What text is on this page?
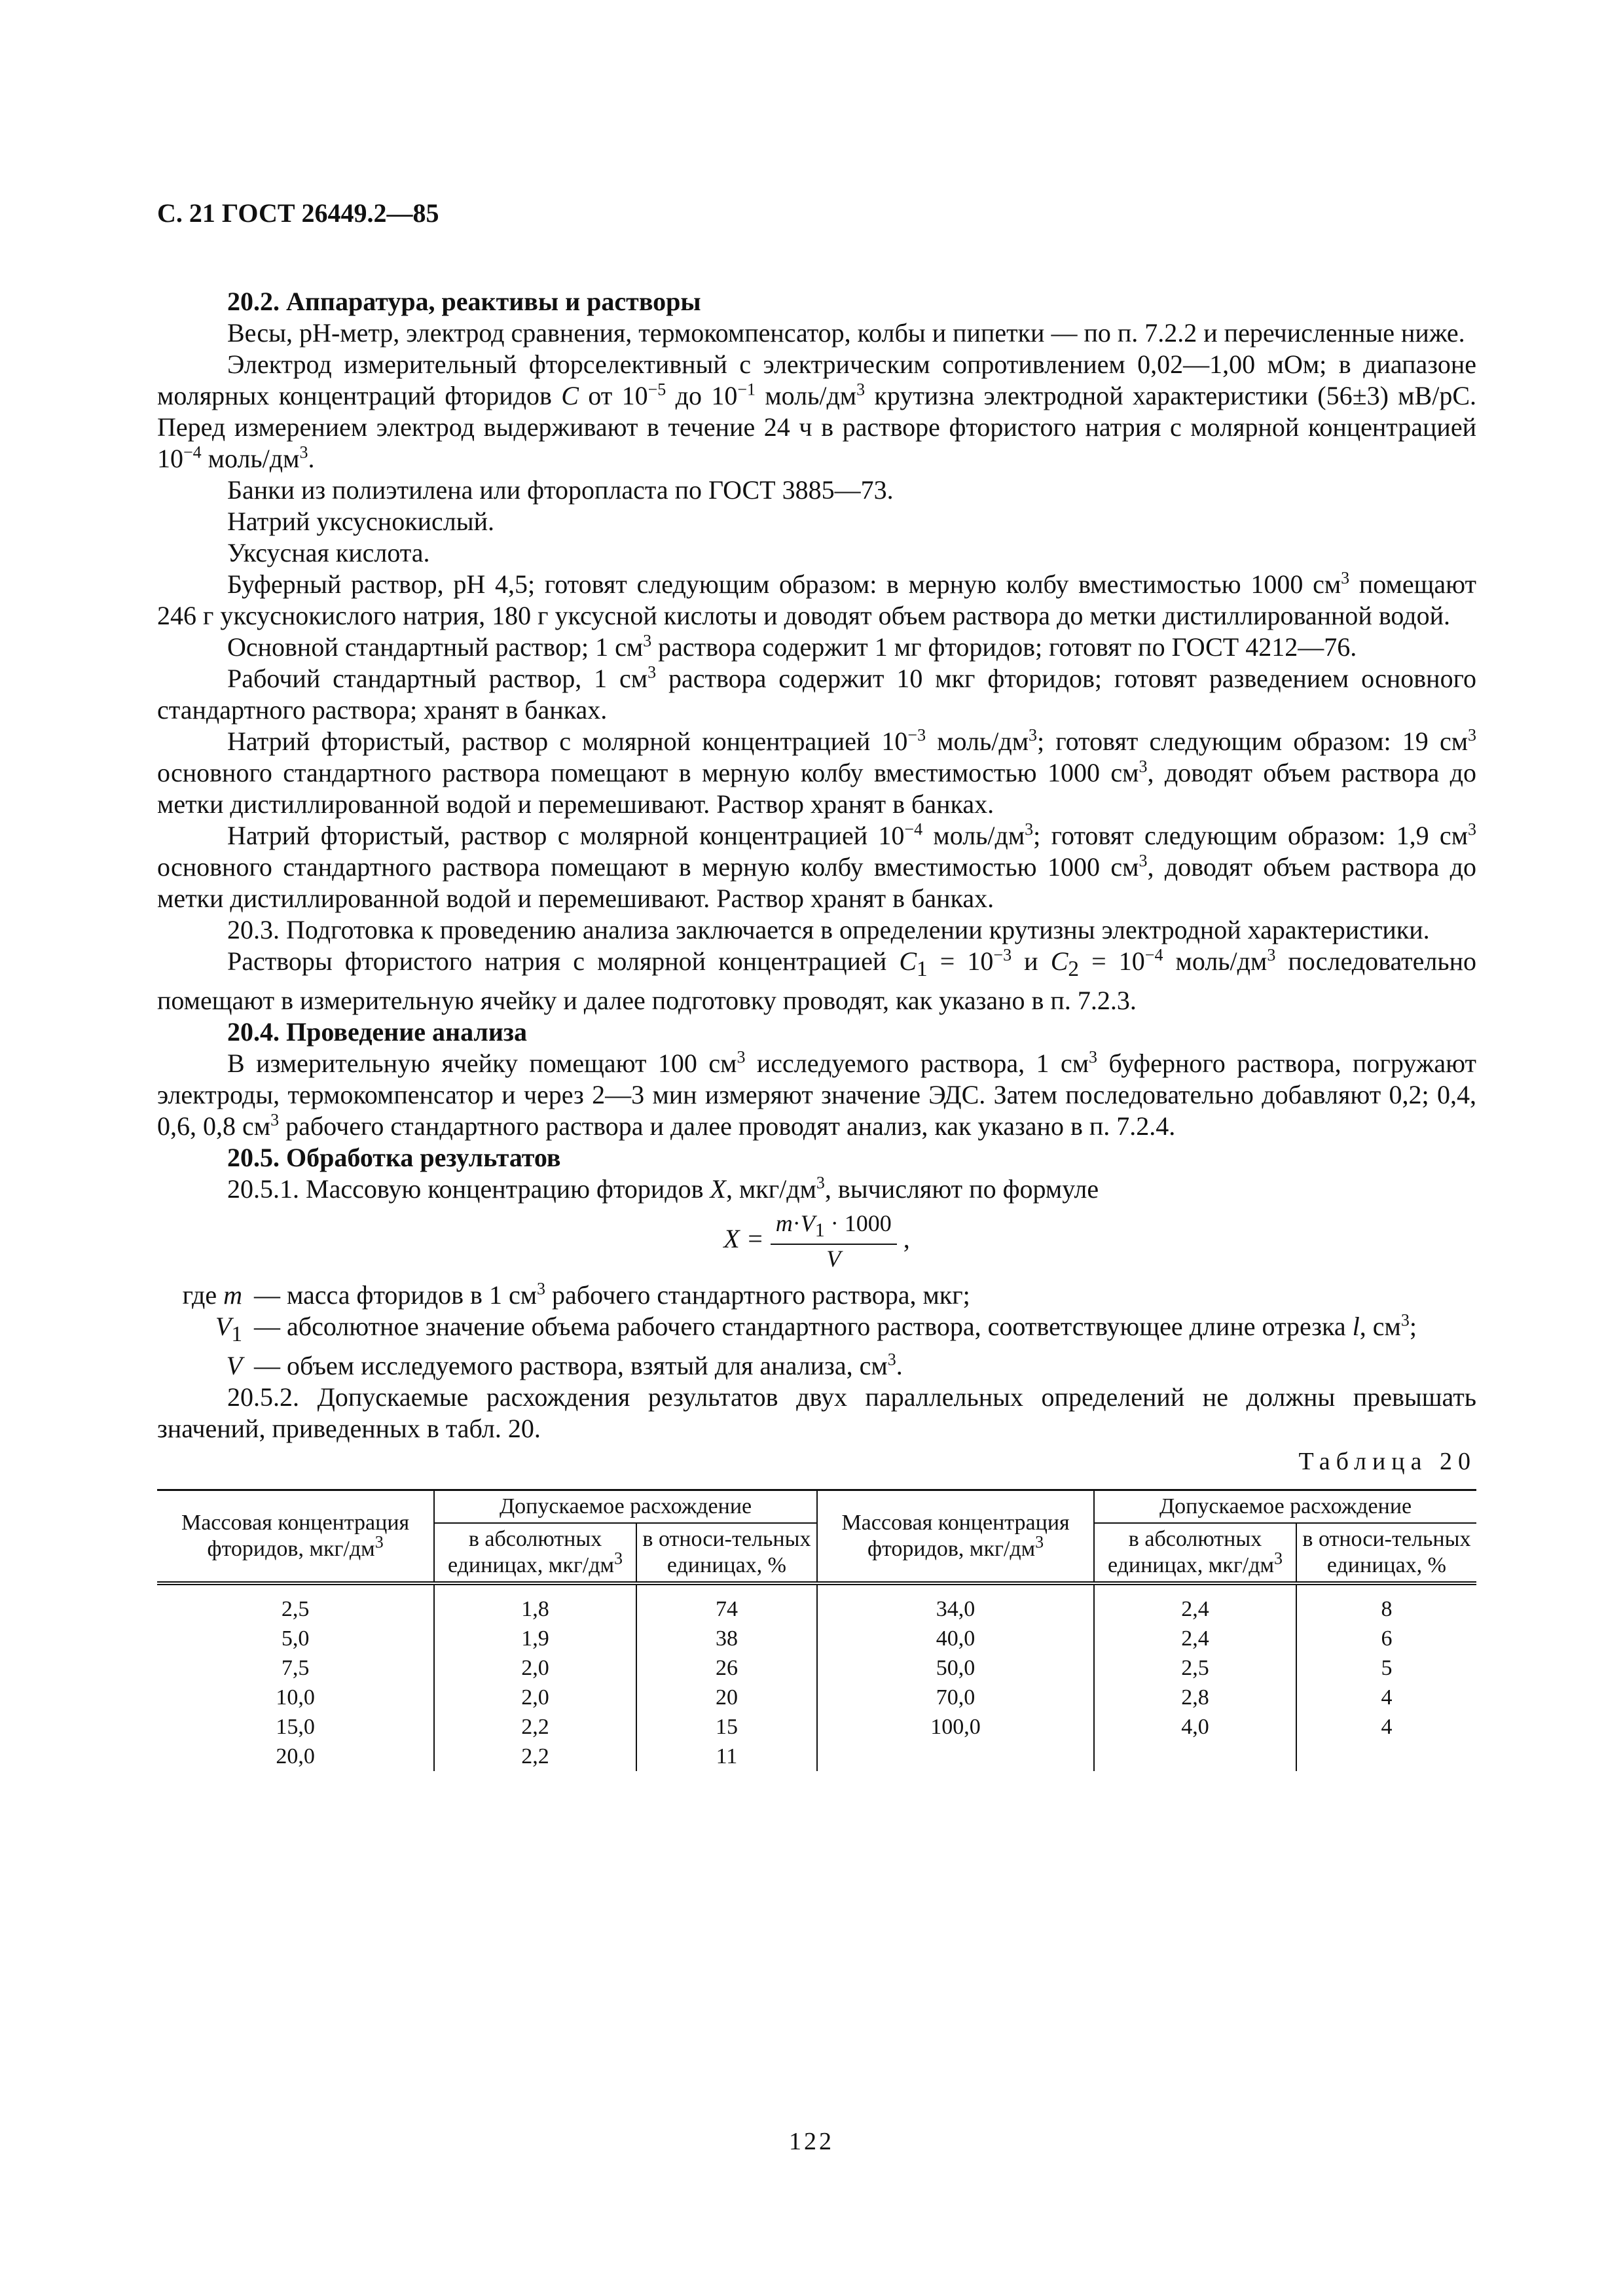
С. 21 ГОСТ 26449.2—85

20.2. Аппаратура, реактивы и растворы

Весы, рН-метр, электрод сравнения, термокомпенсатор, колбы и пипетки — по п. 7.2.2 и перечисленные ниже.

Электрод измерительный фторселективный с электрическим сопротивлением 0,02—1,00 мОм; в диапазоне молярных концентраций фторидов C от $10^{-5}$ до $10^{-1}$ моль/$дм^3$ крутизна электродной характеристики (56±3) мВ/рС. Перед измерением электрод выдерживают в течение 24 ч в растворе фтористого натрия с молярной концентрацией $10^{-4}$ моль/$дм^3$.

Банки из полиэтилена или фторопласта по ГОСТ 3885—73.

Натрий уксуснокислый.

Уксусная кислота.

Буферный раствор, рН 4,5; готовят следующим образом: в мерную колбу вместимостью 1000 $см^3$ помещают 246 г уксуснокислого натрия, 180 г уксусной кислоты и доводят объем раствора до метки дистиллированной водой.

Основной стандартный раствор; 1 $см^3$ раствора содержит 1 мг фторидов; готовят по ГОСТ 4212—76.

Рабочий стандартный раствор, 1 $см^3$ раствора содержит 10 мкг фторидов; готовят разведением основного стандартного раствора; хранят в банках.

Натрий фтористый, раствор с молярной концентрацией $10^{-3}$ моль/$дм^3$; готовят следующим образом: 19 $см^3$ основного стандартного раствора помещают в мерную колбу вместимостью 1000 $см^3$, доводят объем раствора до метки дистиллированной водой и перемешивают. Раствор хранят в банках.

Натрий фтористый, раствор с молярной концентрацией $10^{-4}$ моль/$дм^3$; готовят следующим образом: 1,9 $см^3$ основного стандартного раствора помещают в мерную колбу вместимостью 1000 $см^3$, доводят объем раствора до метки дистиллированной водой и перемешивают. Раствор хранят в банках.

20.3. Подготовка к проведению анализа заключается в определении крутизны электродной характеристики.

Растворы фтористого натрия с молярной концентрацией $C_1 = 10^{-3}$ и $C_2 = 10^{-4}$ моль/$дм^3$ последовательно помещают в измерительную ячейку и далее подготовку проводят, как указано в п. 7.2.3.

20.4. Проведение анализа

В измерительную ячейку помещают 100 $см^3$ исследуемого раствора, 1 $см^3$ буферного раствора, погружают электроды, термокомпенсатор и через 2—3 мин измеряют значение ЭДС. Затем последовательно добавляют 0,2; 0,4, 0,6, 0,8 $см^3$ рабочего стандартного раствора и далее проводят анализ, как указано в п. 7.2.4.

20.5. Обработка результатов

20.5.1. Массовую концентрацию фторидов X, мкг/$дм^3$, вычисляют по формуле

$X = \frac{m\cdot V_1 \cdot 1000}{V}$ ,
где m — масса фторидов в 1 $см^3$ рабочего стандартного раствора, мкг;
$V_1$ — абсолютное значение объема рабочего стандартного раствора, соответствующее длине отрезка l, $см^3$;
V — объем исследуемого раствора, взятый для анализа, $см^3$.

20.5.2. Допускаемые расхождения результатов двух параллельных определений не должны превышать значений, приведенных в табл. 20.

Таблица 20
Массовая концентрация фторидов, мкг/$дм^3$	Допускаемое расхождение		Массовая концентрация фторидов, мкг/$дм^3$	Допускаемое расхождение	
	в абсолютных единицах, мкг/$дм^3$	в относи-тельных единицах, %		в абсолютных единицах, мкг/$дм^3$	в относи-тельных единицах, %
2,5	1,8	74	34,0	2,4	8
5,0	1,9	38	40,0	2,4	6
7,5	2,0	26	50,0	2,5	5
10,0	2,0	20	70,0	2,8	4
15,0	2,2	15	100,0	4,0	4
20,0	2,2	11			
122
